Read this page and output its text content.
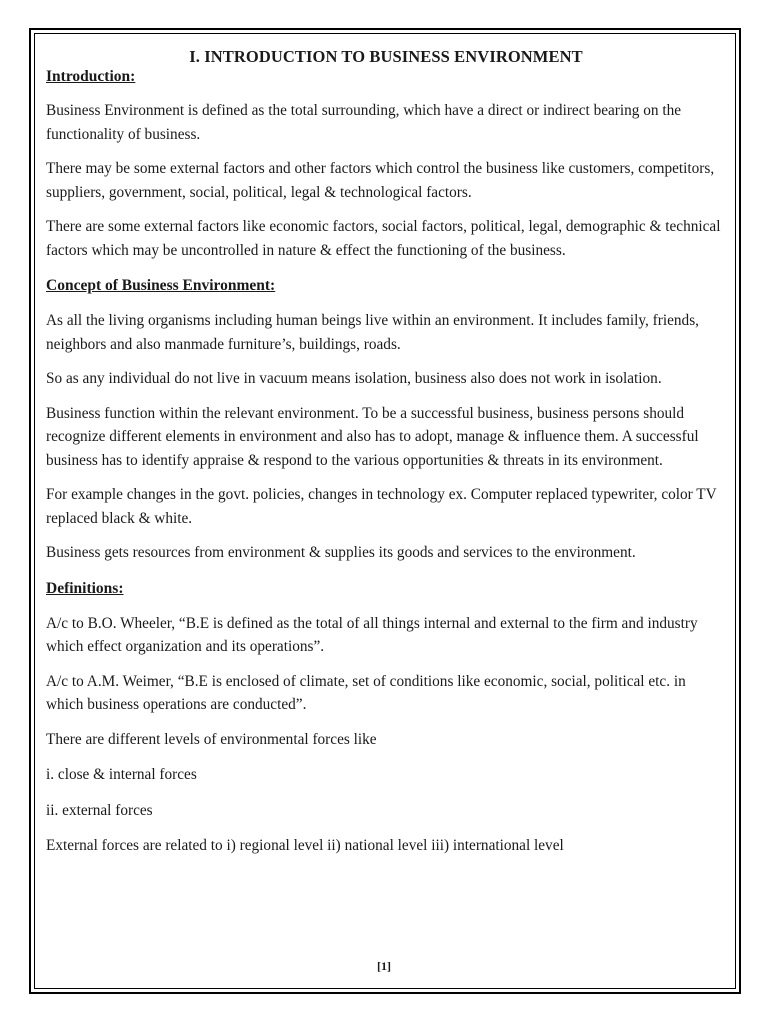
I. INTRODUCTION TO BUSINESS ENVIRONMENT

Introduction:

Business Environment is defined as the total surrounding, which have a direct or indirect bearing on the functionality of business.

There may be some external factors and other factors which control the business like customers, competitors, suppliers, government, social, political, legal & technological factors.

There are some external factors like economic factors, social factors, political, legal, demographic & technical factors which may be uncontrolled in nature & effect the functioning of the business.

Concept of Business Environment:

As all the living organisms including human beings live within an environment. It includes family, friends, neighbors and also manmade furniture’s, buildings, roads.

So as any individual do not live in vacuum means isolation, business also does not work in isolation.

Business function within the relevant environment. To be a successful business, business persons should recognize different elements in environment and also has to adopt, manage & influence them. A successful business has to identify appraise & respond to the various opportunities & threats in its environment.

For example changes in the govt. policies, changes in technology ex. Computer replaced typewriter, color TV replaced black & white.

Business gets resources from environment & supplies its goods and services to the environment.

Definitions:

A/c to B.O. Wheeler, “B.E is defined as the total of all things internal and external to the firm and industry which effect organization and its operations”.

A/c to A.M. Weimer, “B.E is enclosed of climate, set of conditions like economic, social, political etc. in which business operations are conducted”.

There are different levels of environmental forces like

i. close & internal forces

ii. external forces

External forces are related to i) regional level ii) national level iii) international level

[1]
